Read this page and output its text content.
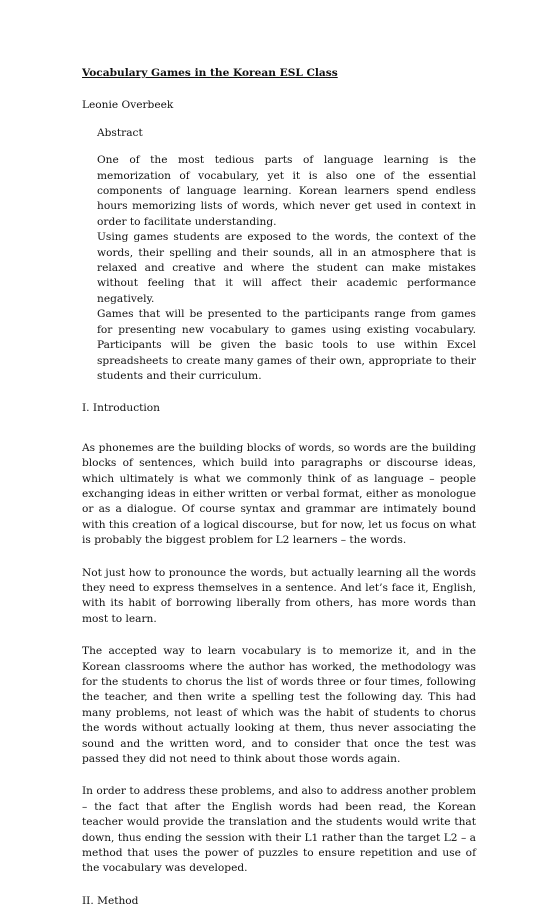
Vocabulary Games in the Korean ESL Class

Leonie Overbeek

Abstract

One of the most tedious parts of language learning is the memorization of vocabulary, yet it is also one of the essential components of language learning. Korean learners spend endless hours memorizing lists of words, which never get used in context in order to facilitate understanding.

Using games students are exposed to the words, the context of the words, their spelling and their sounds, all in an atmosphere that is relaxed and creative and where the student can make mistakes without feeling that it will affect their academic performance negatively.

Games that will be presented to the participants range from games for presenting new vocabulary to games using existing vocabulary. Participants will be given the basic tools to use within Excel spreadsheets to create many games of their own, appropriate to their students and their curriculum.

I. Introduction

As phonemes are the building blocks of words, so words are the building blocks of sentences, which build into paragraphs or discourse ideas, which ultimately is what we commonly think of as language – people exchanging ideas in either written or verbal format, either as monologue or as a dialogue. Of course syntax and grammar are intimately bound with this creation of a logical discourse, but for now, let us focus on what is probably the biggest problem for L2 learners – the words.

Not just how to pronounce the words, but actually learning all the words they need to express themselves in a sentence. And let’s face it, English, with its habit of borrowing liberally from others, has more words than most to learn.

The accepted way to learn vocabulary is to memorize it, and in the Korean classrooms where the author has worked, the methodology was for the students to chorus the list of words three or four times, following the teacher, and then write a spelling test the following day. This had many problems, not least of which was the habit of students to chorus the words without actually looking at them, thus never associating the sound and the written word, and to consider that once the test was passed they did not need to think about those words again.

In order to address these problems, and also to address another problem – the fact that after the English words had been read, the Korean teacher would provide the translation and the students would write that down, thus ending the session with their L1 rather than the target L2 – a method that uses the power of puzzles to ensure repetition and use of the vocabulary was developed.

II. Method
